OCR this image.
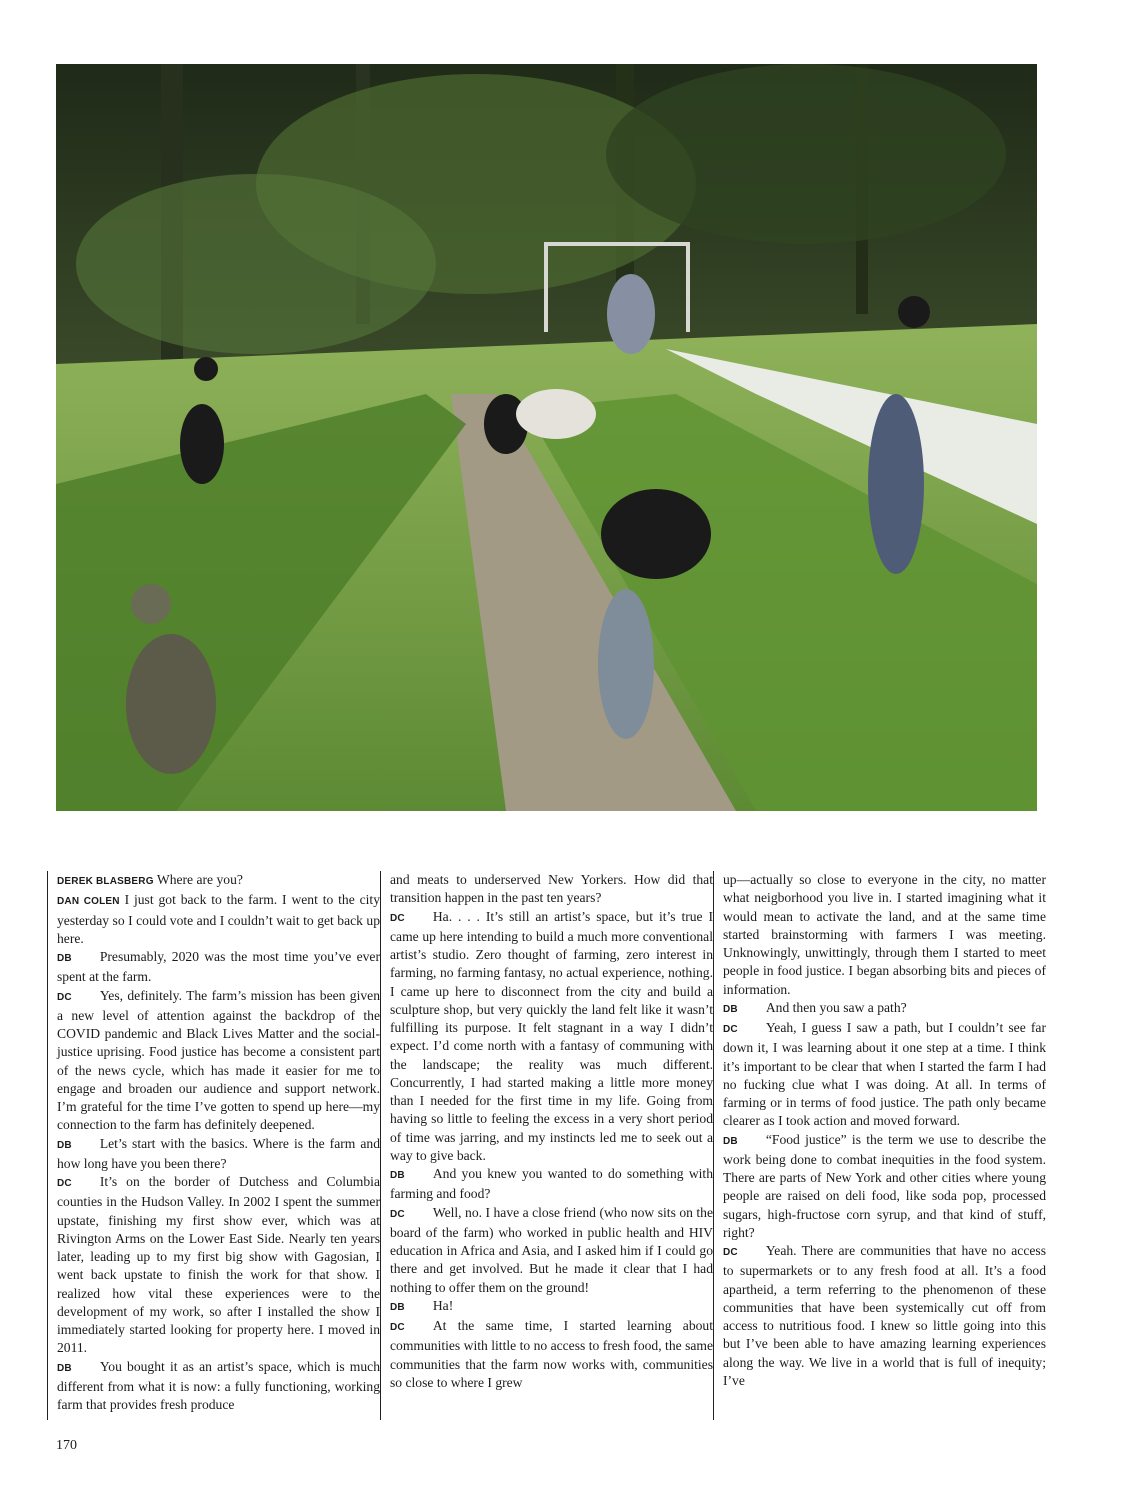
DEREK BLASBERG Where are you?

DAN COLEN I just got back to the farm. I went to the city yesterday so I could vote and I couldn’t wait to get back up here.

DB Presumably, 2020 was the most time you’ve ever spent at the farm.

DC Yes, definitely. The farm’s mission has been given a new level of attention against the backdrop of the COVID pandemic and Black Lives Matter and the social-justice uprising. Food justice has become a consistent part of the news cycle, which has made it easier for me to engage and broaden our audience and support network. I’m grateful for the time I’ve gotten to spend up here—my connection to the farm has definitely deepened.

DB Let’s start with the basics. Where is the farm and how long have you been there?

DC It’s on the border of Dutchess and Columbia counties in the Hudson Valley. In 2002 I spent the summer upstate, finishing my first show ever, which was at Rivington Arms on the Lower East Side. Nearly ten years later, leading up to my first big show with Gagosian, I went back upstate to finish the work for that show. I realized how vital these experiences were to the development of my work, so after I installed the show I immediately started looking for property here. I moved in 2011.

DB You bought it as an artist’s space, which is much different from what it is now: a fully functioning, working farm that provides fresh produce

and meats to underserved New Yorkers. How did that transition happen in the past ten years?

DC Ha. . . . It’s still an artist’s space, but it’s true I came up here intending to build a much more conventional artist’s studio. Zero thought of farming, zero interest in farming, no farming fantasy, no actual experience, nothing. I came up here to disconnect from the city and build a sculpture shop, but very quickly the land felt like it wasn’t fulfilling its purpose. It felt stagnant in a way I didn’t expect. I’d come north with a fantasy of communing with the landscape; the reality was much different. Concurrently, I had started making a little more money than I needed for the first time in my life. Going from having so little to feeling the excess in a very short period of time was jarring, and my instincts led me to seek out a way to give back.

DB And you knew you wanted to do something with farming and food?

DC Well, no. I have a close friend (who now sits on the board of the farm) who worked in public health and HIV education in Africa and Asia, and I asked him if I could go there and get involved. But he made it clear that I had nothing to offer them on the ground!

DB Ha!

DC At the same time, I started learning about communities with little to no access to fresh food, the same communities that the farm now works with, communities so close to where I grew

up—actually so close to everyone in the city, no matter what neigborhood you live in. I started imagining what it would mean to activate the land, and at the same time started brainstorming with farmers I was meeting. Unknowingly, unwittingly, through them I started to meet people in food justice. I began absorbing bits and pieces of information.

DB And then you saw a path?

DC Yeah, I guess I saw a path, but I couldn’t see far down it, I was learning about it one step at a time. I think it’s important to be clear that when I started the farm I had no fucking clue what I was doing. At all. In terms of farming or in terms of food justice. The path only became clearer as I took action and moved forward.

DB “Food justice” is the term we use to describe the work being done to combat inequities in the food system. There are parts of New York and other cities where young people are raised on deli food, like soda pop, processed sugars, high-fructose corn syrup, and that kind of stuff, right?

DC Yeah. There are communities that have no access to supermarkets or to any fresh food at all. It’s a food apartheid, a term referring to the phenomenon of these communities that have been systemically cut off from access to nutritious food. I knew so little going into this but I’ve been able to have amazing learning experiences along the way. We live in a world that is full of inequity; I’ve

170
